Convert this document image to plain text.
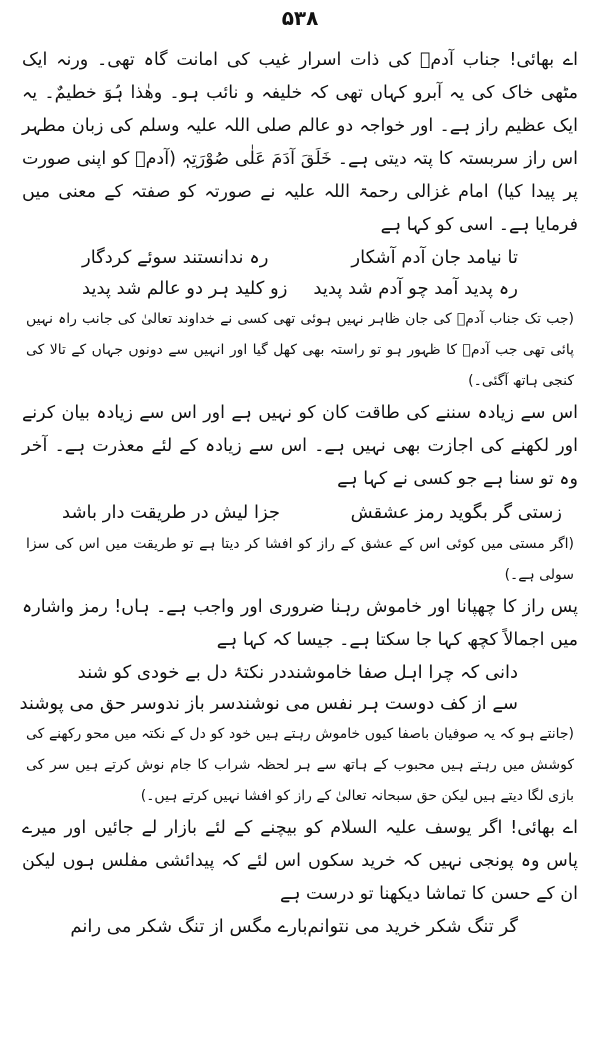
۵۳۸

اے بھائی! جناب آدمؑ کی ذات اسرار غیب کی امانت گاہ تھی۔ ورنہ ایک مٹھی خاک کی یہ آبرو کہاں تھی کہ خلیفہ و نائب ہو۔ وھٰذا ہُوَ خطیمٌ۔ یہ ایک عظیم راز ہے۔ اور خواجہ دو عالم صلی اللہ علیہ وسلم کی زبان مطہر اس راز سربستہ کا پتہ دیتی ہے۔ خَلَقَ آدَمَ عَلٰی صُوْرَتِہٖ (آدمؑ کو اپنی صورت پر پیدا کیا) امام غزالی رحمۃ اللہ علیہ نے صورتہ کو صفتہ کے معنی میں فرمایا ہے۔ اسی کو کہا ہے

تا نیامد جان آدم آشکار
رہ ندانستند سوئے کردگار
رہ پدید آمد چو آدم شد پدید
زو کلید ہر دو عالم شد پدید

(جب تک جناب آدمؑ کی جان ظاہر نہیں ہوئی تھی کسی نے خداوند تعالیٰ کی جانب راہ نہیں پائی تھی جب آدمؑ کا ظہور ہو تو راستہ بھی کھل گیا اور انہیں سے دونوں جہاں کے تالا کی کنجی ہاتھ آگئی۔)

اس سے زیادہ سننے کی طاقت کان کو نہیں ہے اور اس سے زیادہ بیان کرنے اور لکھنے کی اجازت بھی نہیں ہے۔ اس سے زیادہ کے لئے معذرت ہے۔ آخر وہ تو سنا ہے جو کسی نے کہا ہے

زستی گر بگوید رمز عشقش
جزا لیش در طریقت دار باشد

(اگر مستی میں کوئی اس کے عشق کے راز کو افشا کر دیتا ہے تو طریقت میں اس کی سزا سولی ہے۔)

پس راز کا چھپانا اور خاموش رہنا ضروری اور واجب ہے۔ ہاں! رمز واشارہ میں اجمالاً کچھ کہا جا سکتا ہے۔ جیسا کہ کہا ہے

دانی کہ چرا اہل صفا خاموشند
در نکتۂ دل بے خودی کو شند
سے از کف دوست ہر نفس می نوشند
سر باز ندوسر حق می پوشند

(جانتے ہو کہ یہ صوفیان باصفا کیوں خاموش رہتے ہیں خود کو دل کے نکتہ میں محو رکھنے کی کوشش میں رہتے ہیں محبوب کے ہاتھ سے ہر لحظہ شراب کا جام نوش کرتے ہیں سر کی بازی لگا دیتے ہیں لیکن حق سبحانہ تعالیٰ کے راز کو افشا نہیں کرتے ہیں۔)

اے بھائی! اگر یوسف علیہ السلام کو بیچنے کے لئے بازار لے جائیں اور میرے پاس وہ پونجی نہیں کہ خرید سکوں اس لئے کہ پیدائشی مفلس ہوں لیکن ان کے حسن کا تماشا دیکھنا تو درست ہے

گر تنگ شکر خرید می نتوانم
بارے مگس از تنگ شکر می رانم
